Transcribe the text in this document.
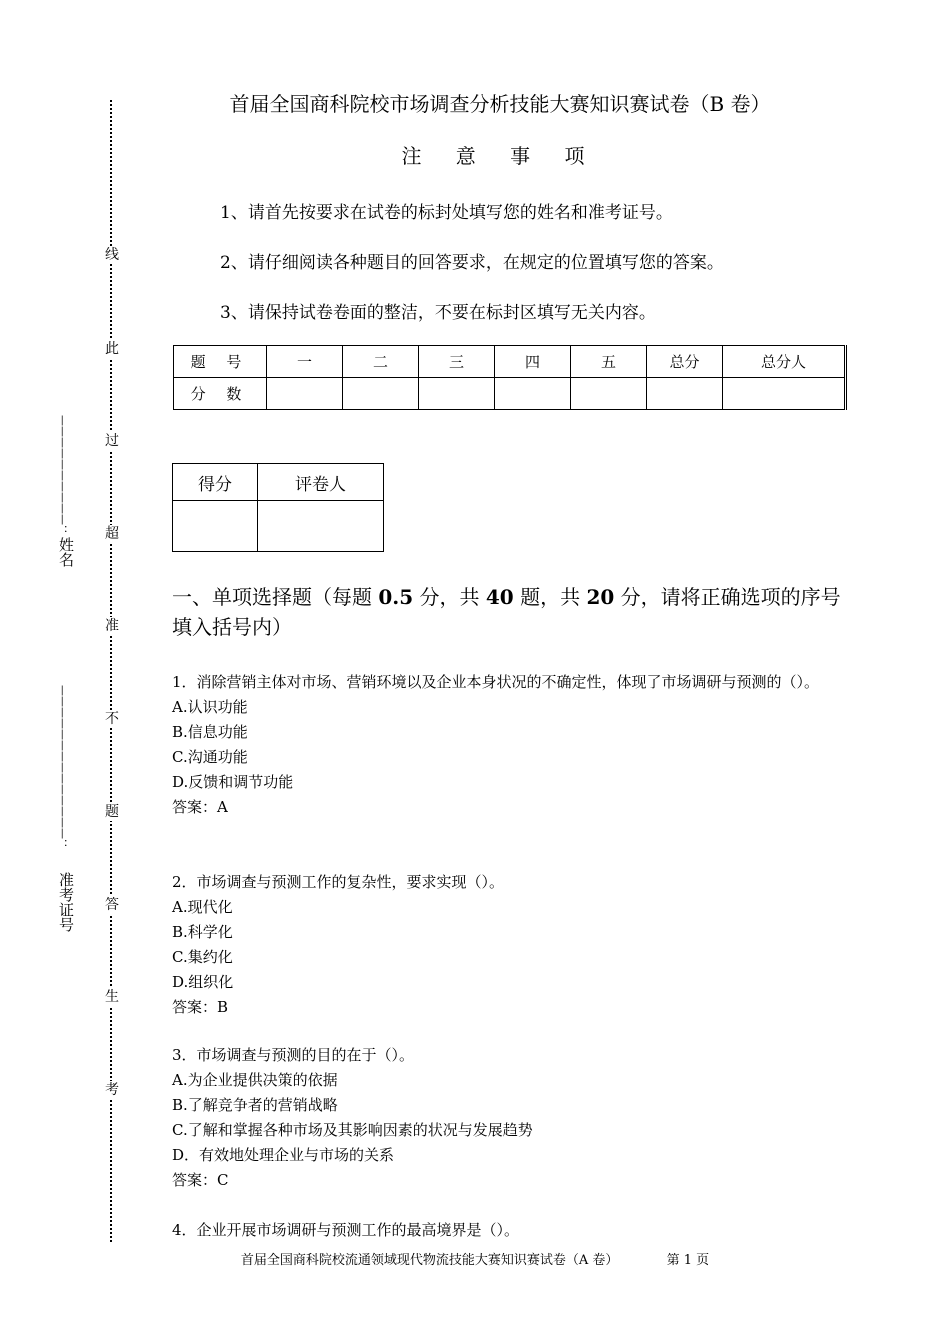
线
此
过
超
准
不
题
答
生
考
——————————：
姓名
——————————————：
准考证号
首届全国商科院校市场调查分析技能大赛知识赛试卷（B 卷）
注 意 事 项
1、请首先按要求在试卷的标封处填写您的姓名和准考证号。
2、请仔细阅读各种题目的回答要求，在规定的位置填写您的答案。
3、请保持试卷卷面的整洁，不要在标封区填写无关内容。
题 号	一	二	三	四	五	总分	总分人
分 数							
得分	评卷人

一、单项选择题（每题 0.5 分，共 40 题，共 20 分，请将正确选项的序号填入括号内）
1．消除营销主体对市场、营销环境以及企业本身状况的不确定性，体现了市场调研与预测的（）。
A.认识功能
B.信息功能
C.沟通功能
D.反馈和调节功能
答案：A
2．市场调查与预测工作的复杂性，要求实现（）。
A.现代化
B.科学化
C.集约化
D.组织化
答案：B
3．市场调查与预测的目的在于（）。
A.为企业提供决策的依据
B.了解竞争者的营销战略
C.了解和掌握各种市场及其影响因素的状况与发展趋势
D．有效地处理企业与市场的关系
答案：C
4．企业开展市场调研与预测工作的最高境界是（）。
首届全国商科院校流通领域现代物流技能大赛知识赛试卷（A 卷）	第 1 页
